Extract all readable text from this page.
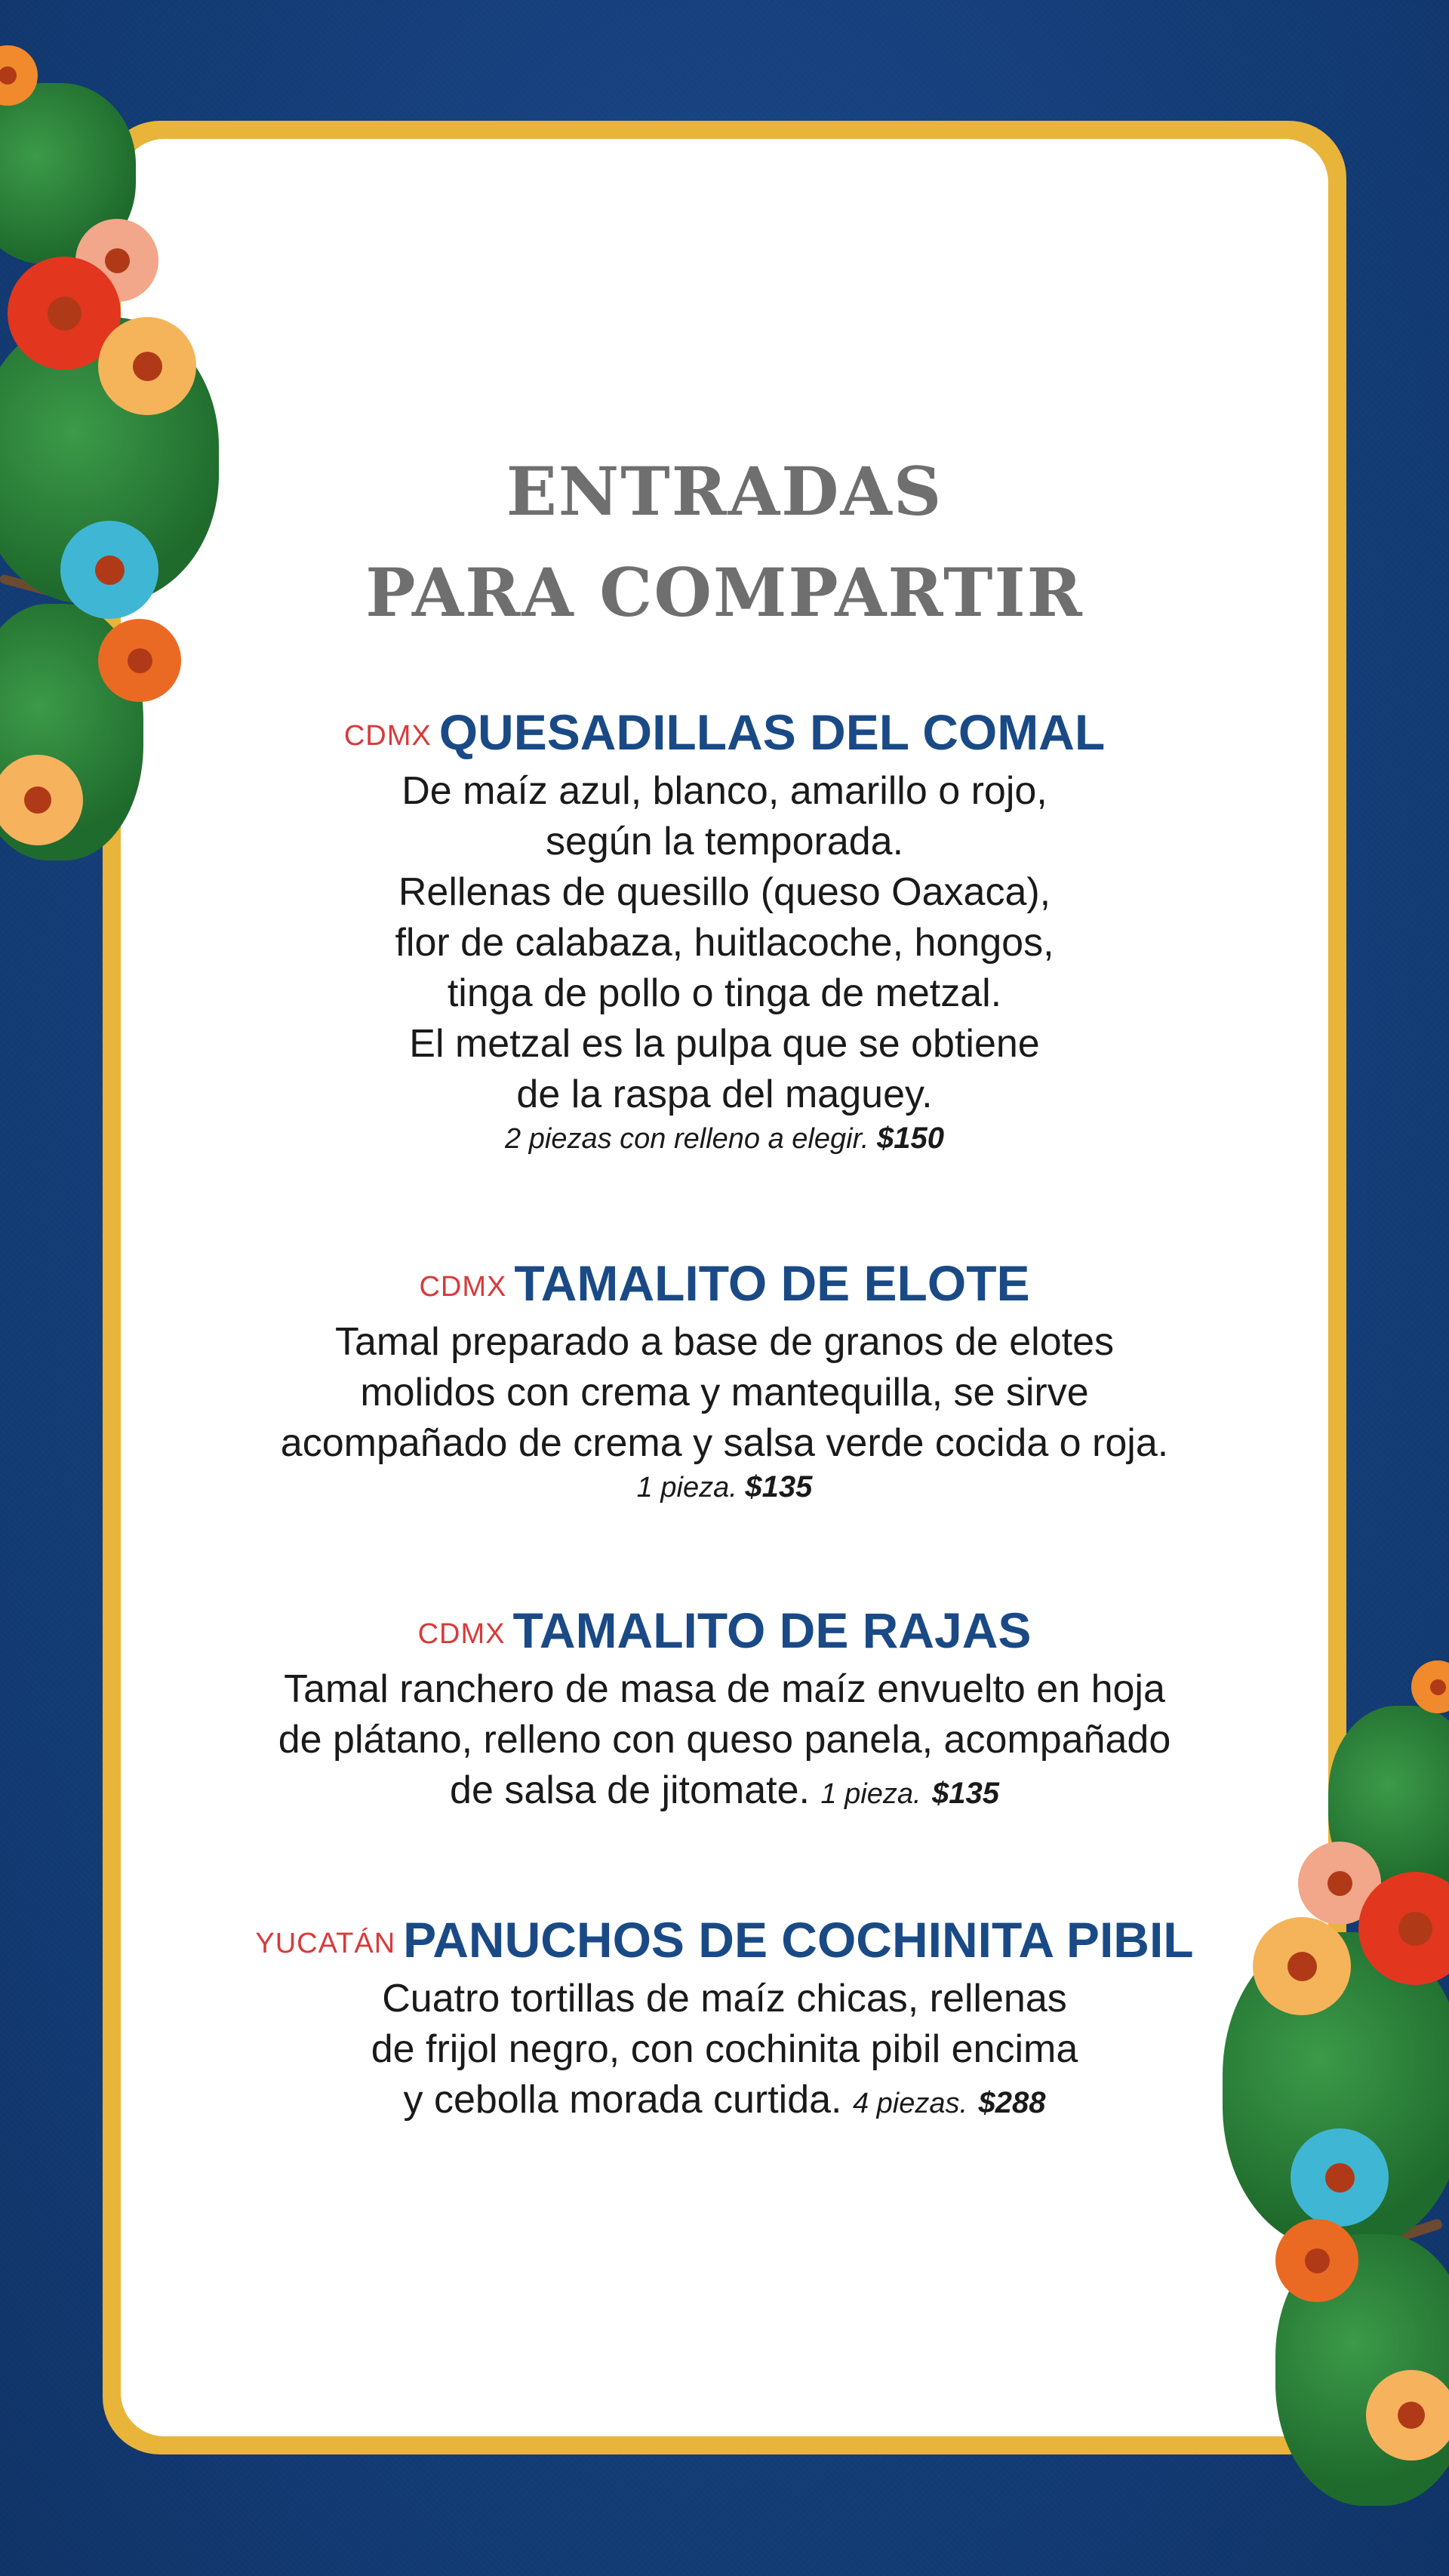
ENTRADAS
PARA COMPARTIR
CDMX QUESADILLAS DEL COMAL
De maíz azul, blanco, amarillo o rojo,
según la temporada.
Rellenas de quesillo (queso Oaxaca),
flor de calabaza, huitlacoche, hongos,
tinga de pollo o tinga de metzal.
El metzal es la pulpa que se obtiene
de la raspa del maguey.
2 piezas con relleno a elegir. $150
CDMX TAMALITO DE ELOTE
Tamal preparado a base de granos de elotes
molidos con crema y mantequilla, se sirve
acompañado de crema y salsa verde cocida o roja.
1 pieza. $135
CDMX TAMALITO DE RAJAS
Tamal ranchero de masa de maíz envuelto en hoja
de plátano, relleno con queso panela, acompañado
de salsa de jitomate. 1 pieza. $135
YUCATÁN PANUCHOS DE COCHINITA PIBIL
Cuatro tortillas de maíz chicas, rellenas
de frijol negro, con cochinita pibil encima
y cebolla morada curtida. 4 piezas. $288
